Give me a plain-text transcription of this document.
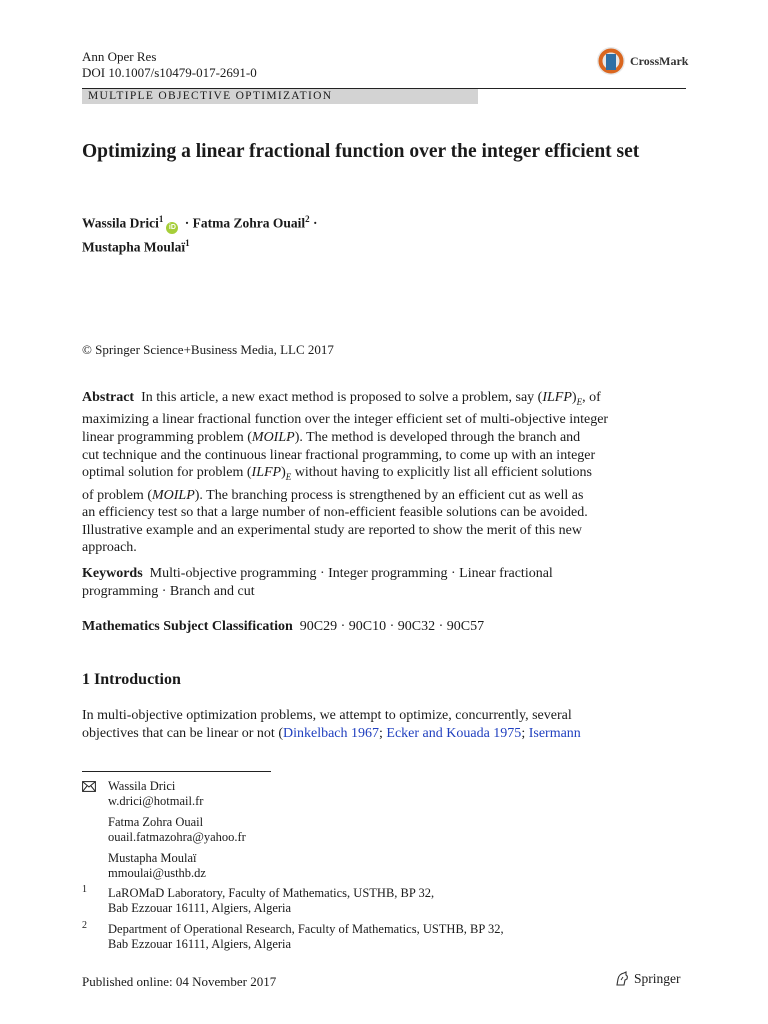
Ann Oper Res
DOI 10.1007/s10479-017-2691-0
CrossMark
MULTIPLE OBJECTIVE OPTIMIZATION
Optimizing a linear fractional function over the integer efficient set
Wassila Drici$^1$iD · Fatma Zohra Ouail$^2$ ·
Mustapha Moulaï$^1$
© Springer Science+Business Media, LLC 2017
Abstract In this article, a new exact method is proposed to solve a problem, say $(ILFP)_E$, of
maximizing a linear fractional function over the integer efficient set of multi-objective integer
linear programming problem (MOILP). The method is developed through the branch and
cut technique and the continuous linear fractional programming, to come up with an integer
optimal solution for problem $(ILFP)_E$ without having to explicitly list all efficient solutions
of problem (MOILP). The branching process is strengthened by an efficient cut as well as
an efficiency test so that a large number of non-efficient feasible solutions can be avoided.
Illustrative example and an experimental study are reported to show the merit of this new
approach.
Keywords Multi-objective programming · Integer programming · Linear fractional
programming · Branch and cut
Mathematics Subject Classification 90C29 · 90C10 · 90C32 · 90C57
1 Introduction
In multi-objective optimization problems, we attempt to optimize, concurrently, several
objectives that can be linear or not (Dinkelbach 1967; Ecker and Kouada 1975; Isermann
Wassila Drici
w.drici@hotmail.fr
Fatma Zohra Ouail
ouail.fatmazohra@yahoo.fr
Mustapha Moulaï
mmoulai@usthb.dz
1 LaROMaD Laboratory, Faculty of Mathematics, USTHB, BP 32,
Bab Ezzouar 16111, Algiers, Algeria
2 Department of Operational Research, Faculty of Mathematics, USTHB, BP 32,
Bab Ezzouar 16111, Algiers, Algeria
Published online: 04 November 2017	Springer
